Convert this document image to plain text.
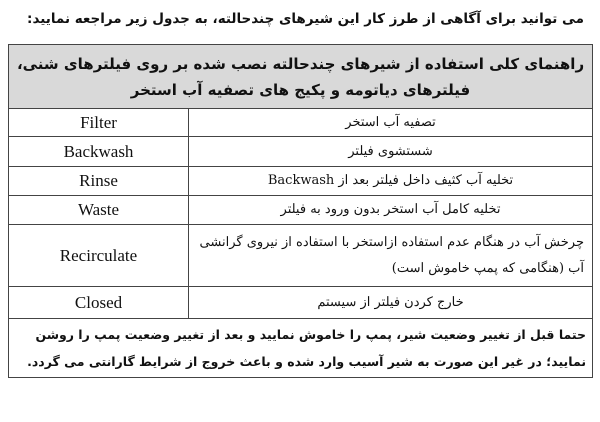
می توانید برای آگاهی از طرز کار این شیرهای چندحالته، به جدول زیر مراجعه نمایید:
راهنمای کلی استفاده از شیرهای چندحالته نصب شده بر روی فیلترهای شنی، فیلترهای دیاتومه و پکیج های تصفیه آب استخر	
تصفیه آب استخر	Filter
شستشوی فیلتر	Backwash
تخلیه آب کثیف داخل فیلتر بعد از Backwash	Rinse
تخلیه کامل آب استخر بدون ورود به فیلتر	Waste
چرخش آب در هنگام عدم استفاده ازاستخر با استفاده از نیروی گرانشی آب (هنگامی که پمپ خاموش است)	Recirculate
خارج کردن فیلتر از سیستم	Closed
حتما قبل از تغییر وضعیت شیر، پمپ را خاموش نمایید و بعد از تغییر وضعیت پمپ را روشن نمایید؛ در غیر این صورت به شیر آسیب وارد شده و باعث خروج از شرایط گارانتی می گردد.	
